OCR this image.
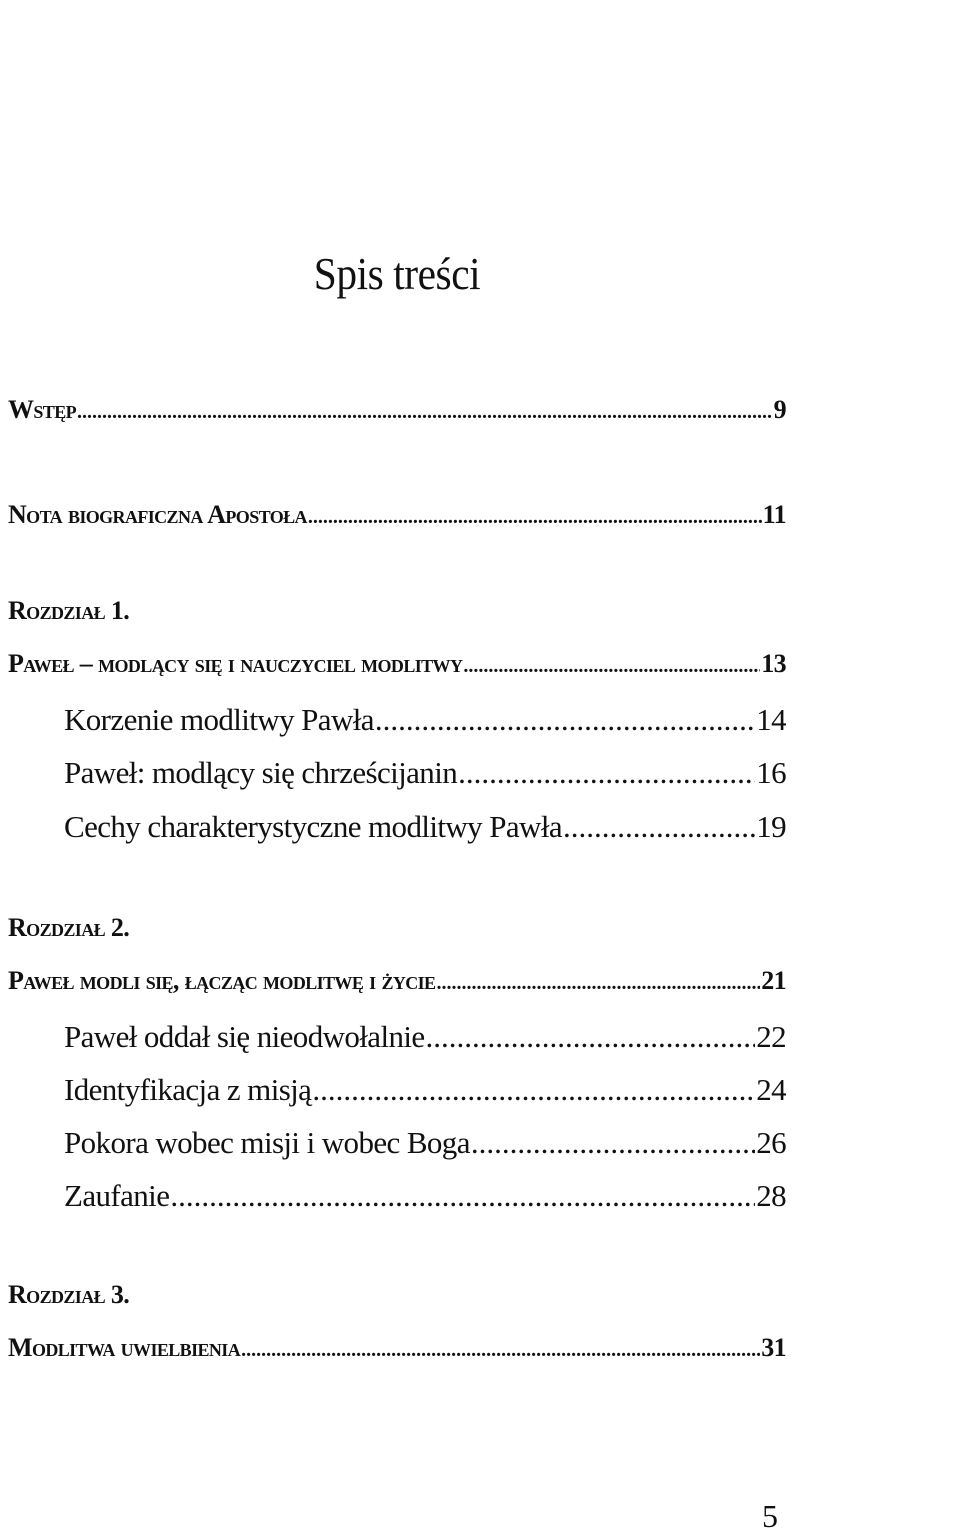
Spis treści
Wstęp .....	9
Nota biograficzna Apostoła .....	11
Rozdział 1.
Paweł – modlący się i nauczyciel modlitwy .....	13
Korzenie modlitwy Pawła .....	14
Paweł: modlący się chrześcijanin .....	16
Cechy charakterystyczne modlitwy Pawła .....	19
Rozdział 2.
Paweł modli się, łącząc modlitwę i życie .....	21
Paweł oddał się nieodwołalnie .....	22
Identyfikacja z misją .....	24
Pokora wobec misji i wobec Boga .....	26
Zaufanie .....	28
Rozdział 3.
Modlitwa uwielbienia .....	31
5
